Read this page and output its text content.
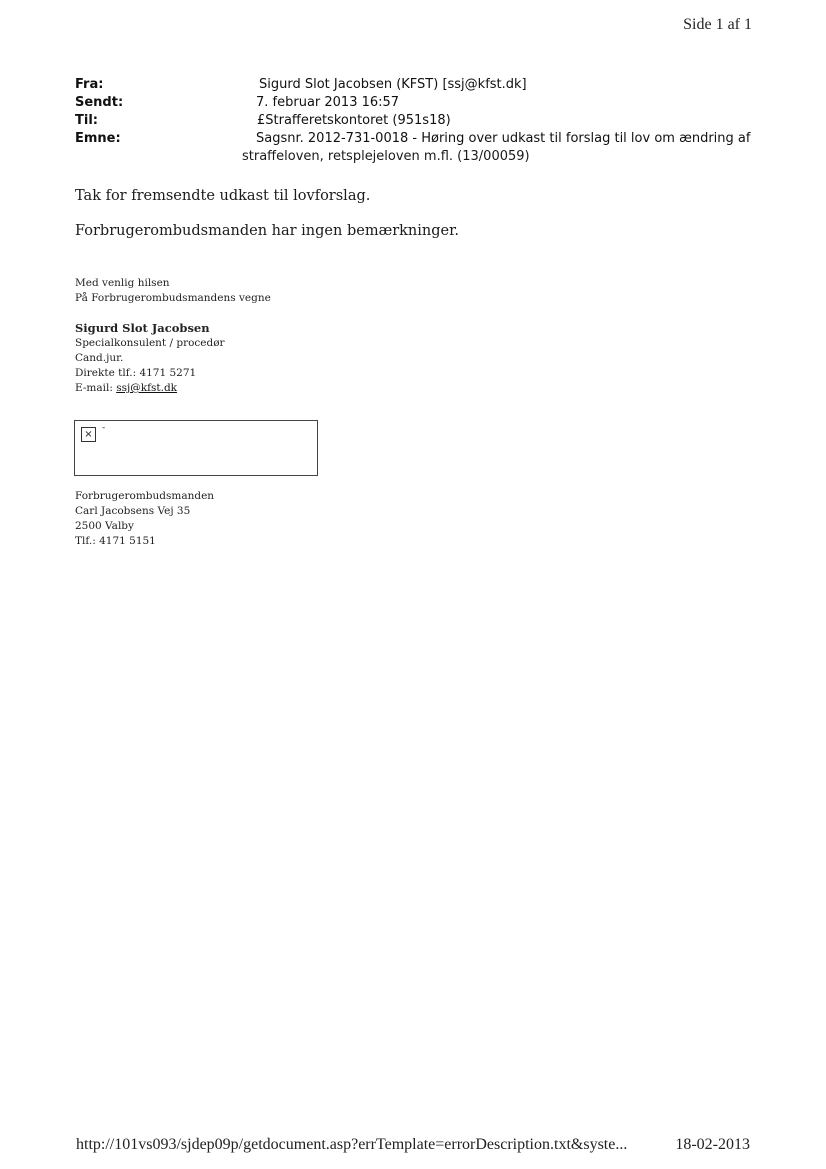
Side 1 af 1
Fra:	Sigurd Slot Jacobsen (KFST) [ssj@kfst.dk]
Sendt:	7. februar 2013 16:57
Til:	£Strafferetskontoret (951s18)
Emne:	Sagsnr. 2012-731-0018 - Høring over udkast til forslag til lov om ændring af
straffeloven, retsplejeloven m.fl. (13/00059)

Tak for fremsendte udkast til lovforslag.

Forbrugerombudsmanden har ingen bemærkninger.

Med venlig hilsen
På Forbrugerombudsmandens vegne
Sigurd Slot Jacobsen
Specialkonsulent / procedør
Cand.jur.
Direkte tlf.: 4171 5271
E-mail: ssj@kfst.dk
×
-
Forbrugerombudsmanden
Carl Jacobsens Vej 35
2500 Valby
Tlf.: 4171 5151
http://101vs093/sjdep09p/getdocument.asp?errTemplate=errorDescription.txt&syste...	18-02-2013
